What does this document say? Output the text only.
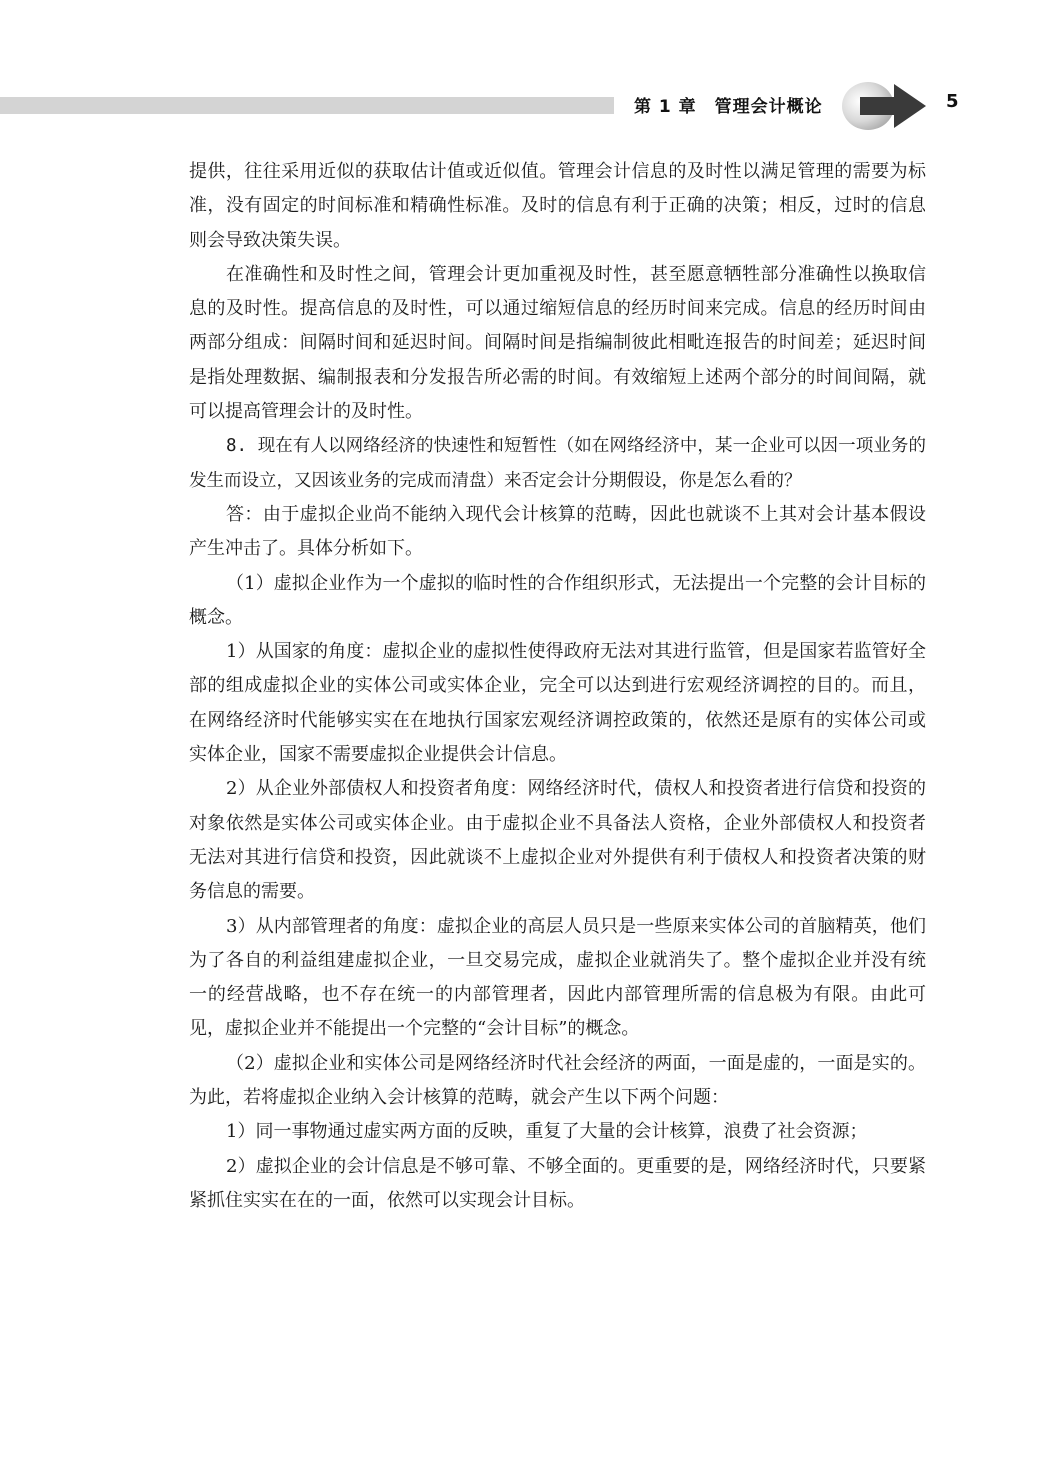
第 1 章　管理会计概论	5

提供，往往采用近似的获取估计值或近似值。管理会计信息的及时性以满足管理的需要为标准，没有固定的时间标准和精确性标准。及时的信息有利于正确的决策；相反，过时的信息则会导致决策失误。

在准确性和及时性之间，管理会计更加重视及时性，甚至愿意牺牲部分准确性以换取信息的及时性。提高信息的及时性，可以通过缩短信息的经历时间来完成。信息的经历时间由两部分组成：间隔时间和延迟时间。间隔时间是指编制彼此相毗连报告的时间差；延迟时间是指处理数据、编制报表和分发报告所必需的时间。有效缩短上述两个部分的时间间隔，就可以提高管理会计的及时性。

8. 现在有人以网络经济的快速性和短暂性（如在网络经济中，某一企业可以因一项业务的发生而设立，又因该业务的完成而清盘）来否定会计分期假设，你是怎么看的？

答：由于虚拟企业尚不能纳入现代会计核算的范畴，因此也就谈不上其对会计基本假设产生冲击了。具体分析如下。

（1）虚拟企业作为一个虚拟的临时性的合作组织形式，无法提出一个完整的会计目标的概念。

1）从国家的角度：虚拟企业的虚拟性使得政府无法对其进行监管，但是国家若监管好全部的组成虚拟企业的实体公司或实体企业，完全可以达到进行宏观经济调控的目的。而且，在网络经济时代能够实实在在地执行国家宏观经济调控政策的，依然还是原有的实体公司或实体企业，国家不需要虚拟企业提供会计信息。

2）从企业外部债权人和投资者角度：网络经济时代，债权人和投资者进行信贷和投资的对象依然是实体公司或实体企业。由于虚拟企业不具备法人资格，企业外部债权人和投资者无法对其进行信贷和投资，因此就谈不上虚拟企业对外提供有利于债权人和投资者决策的财务信息的需要。

3）从内部管理者的角度：虚拟企业的高层人员只是一些原来实体公司的首脑精英，他们为了各自的利益组建虚拟企业，一旦交易完成，虚拟企业就消失了。整个虚拟企业并没有统一的经营战略，也不存在统一的内部管理者，因此内部管理所需的信息极为有限。由此可见，虚拟企业并不能提出一个完整的“会计目标”的概念。

（2）虚拟企业和实体公司是网络经济时代社会经济的两面，一面是虚的，一面是实的。为此，若将虚拟企业纳入会计核算的范畴，就会产生以下两个问题：

1）同一事物通过虚实两方面的反映，重复了大量的会计核算，浪费了社会资源；

2）虚拟企业的会计信息是不够可靠、不够全面的。更重要的是，网络经济时代，只要紧紧抓住实实在在的一面，依然可以实现会计目标。
